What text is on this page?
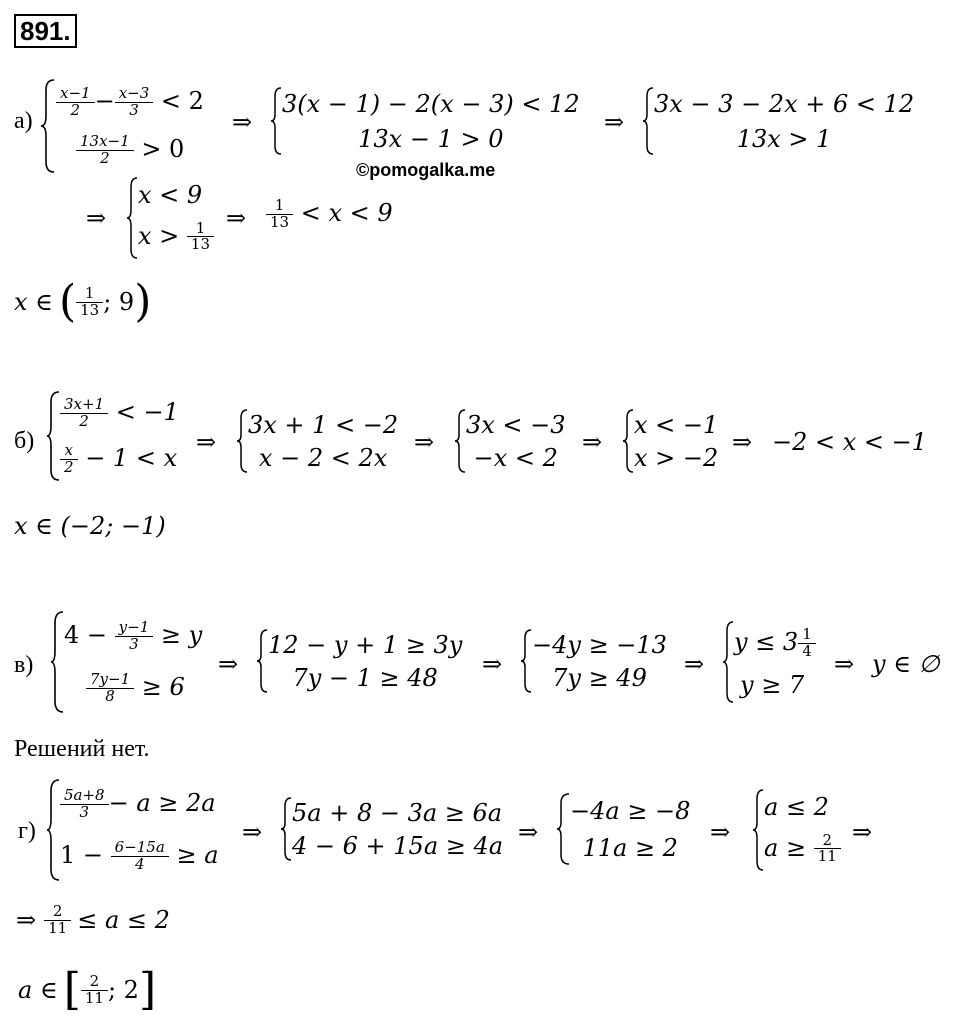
891.
а)
$\frac{x-1}{2} - \frac{x-3}{3} < 2$
$\frac{13x-1}{2} > 0$
⇒
3(x − 1) − 2(x − 3) < 12
13x − 1 > 0
⇒
3x − 3 − 2x + 6 < 12
13x > 1
©pomogalka.me
⇒
x < 9
$x > \frac{1}{13}$
⇒ $\frac{1}{13} < x < 9$
x ∈ ( $\frac{1}{13}$ ; 9 )
б)
$\frac{3x+1}{2} < -1$
$\frac{x}{2} - 1 < x$
⇒
3x + 1 < −2
x − 2 < 2x
⇒
3x < −3
−x < 2
⇒
x < −1
x > −2
⇒ −2 < x < −1
x ∈ (−2; −1)
в)
$4 - \frac{y-1}{3} \ge y$
$\frac{7y-1}{8} \ge 6$
⇒
12 − y + 1 ≥ 3y
7y − 1 ≥ 48 ⇒
−4y ≥ −13
7y ≥ 49 ⇒
$y \le 3 \frac{1}{4}$
y ≥ 7
⇒ y ∈ ∅
Решений нет.
г)
$\frac{5a+8}{3} - a \ge 2a$
$1 - \frac{6-15a}{4} \ge a$
⇒
5a + 8 − 3a ≥ 6a
4 − 6 + 15a ≥ 4a ⇒
−4a ≥ −8
11a ≥ 2
⇒
a ≤ 2
$a \ge \frac{2}{11}$
⇒
⇒ $\frac{2}{11} \le a \le 2$
a ∈ [ $\frac{2}{11}$ ; 2 ]
